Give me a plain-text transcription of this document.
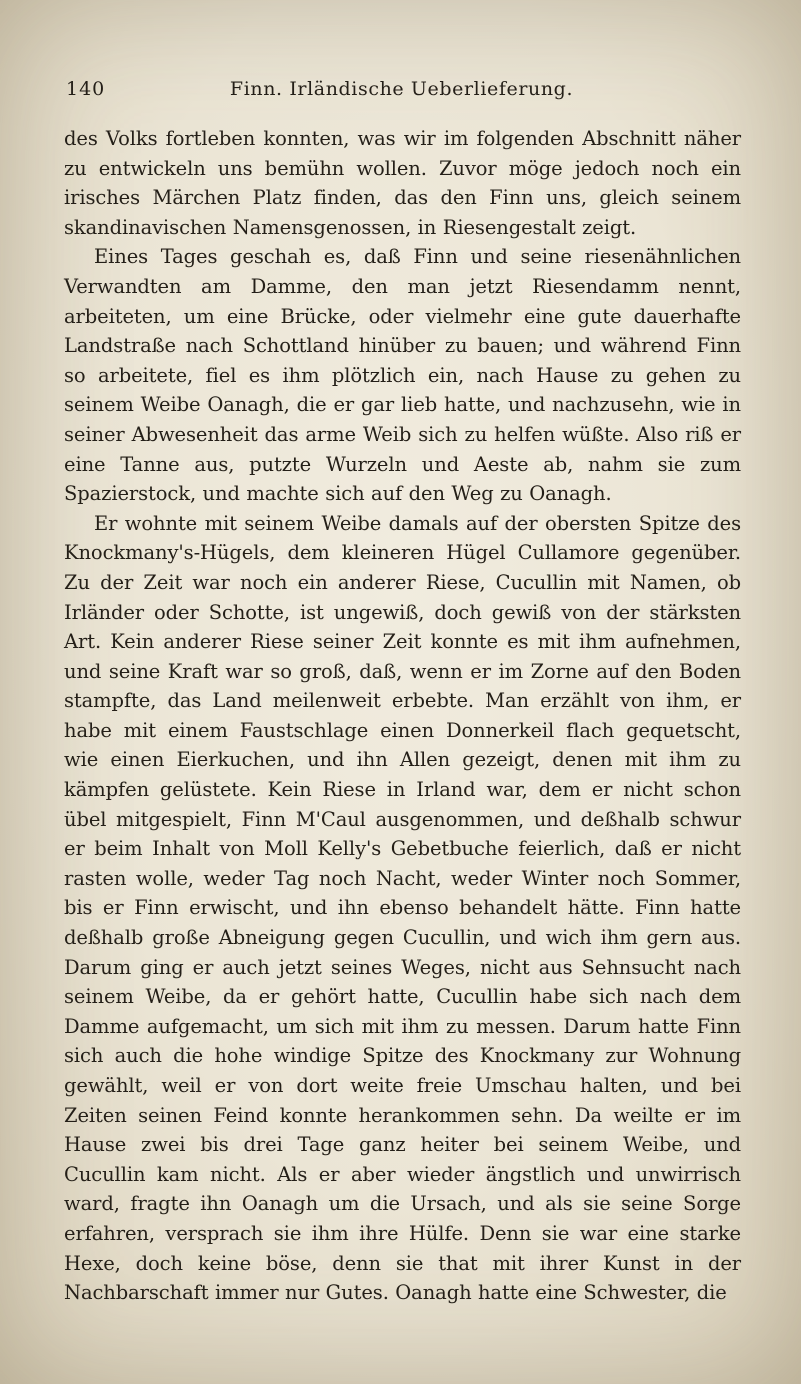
140	Finn. Irländische Ueberlieferung.

des Volks fortleben konnten, was wir im folgenden Abschnitt näher zu entwickeln uns bemühn wollen. Zuvor möge jedoch noch ein irisches Märchen Platz finden, das den Finn uns, gleich seinem skandinavischen Namensgenossen, in Riesengestalt zeigt.

Eines Tages geschah es, daß Finn und seine riesenähnlichen Verwandten am Damme, den man jetzt Riesendamm nennt, arbeiteten, um eine Brücke, oder vielmehr eine gute dauerhafte Landstraße nach Schottland hinüber zu bauen; und während Finn so arbeitete, fiel es ihm plötzlich ein, nach Hause zu gehen zu seinem Weibe Oanagh, die er gar lieb hatte, und nachzusehn, wie in seiner Abwesenheit das arme Weib sich zu helfen wüßte. Also riß er eine Tanne aus, putzte Wurzeln und Aeste ab, nahm sie zum Spazierstock, und machte sich auf den Weg zu Oanagh.

Er wohnte mit seinem Weibe damals auf der obersten Spitze des Knockmany's-Hügels, dem kleineren Hügel Cullamore gegenüber. Zu der Zeit war noch ein anderer Riese, Cucullin mit Namen, ob Irländer oder Schotte, ist ungewiß, doch gewiß von der stärksten Art. Kein anderer Riese seiner Zeit konnte es mit ihm aufnehmen, und seine Kraft war so groß, daß, wenn er im Zorne auf den Boden stampfte, das Land meilenweit erbebte. Man erzählt von ihm, er habe mit einem Faustschlage einen Donnerkeil flach gequetscht, wie einen Eierkuchen, und ihn Allen gezeigt, denen mit ihm zu kämpfen gelüstete. Kein Riese in Irland war, dem er nicht schon übel mitgespielt, Finn M'Caul ausgenommen, und deßhalb schwur er beim Inhalt von Moll Kelly's Gebetbuche feierlich, daß er nicht rasten wolle, weder Tag noch Nacht, weder Winter noch Sommer, bis er Finn erwischt, und ihn ebenso behandelt hätte. Finn hatte deßhalb große Abneigung gegen Cucullin, und wich ihm gern aus. Darum ging er auch jetzt seines Weges, nicht aus Sehnsucht nach seinem Weibe, da er gehört hatte, Cucullin habe sich nach dem Damme aufgemacht, um sich mit ihm zu messen. Darum hatte Finn sich auch die hohe windige Spitze des Knockmany zur Wohnung gewählt, weil er von dort weite freie Umschau halten, und bei Zeiten seinen Feind konnte herankommen sehn. Da weilte er im Hause zwei bis drei Tage ganz heiter bei seinem Weibe, und Cucullin kam nicht. Als er aber wieder ängstlich und unwirrisch ward, fragte ihn Oanagh um die Ursach, und als sie seine Sorge erfahren, versprach sie ihm ihre Hülfe. Denn sie war eine starke Hexe, doch keine böse, denn sie that mit ihrer Kunst in der Nachbarschaft immer nur Gutes. Oanagh hatte eine Schwester, die
